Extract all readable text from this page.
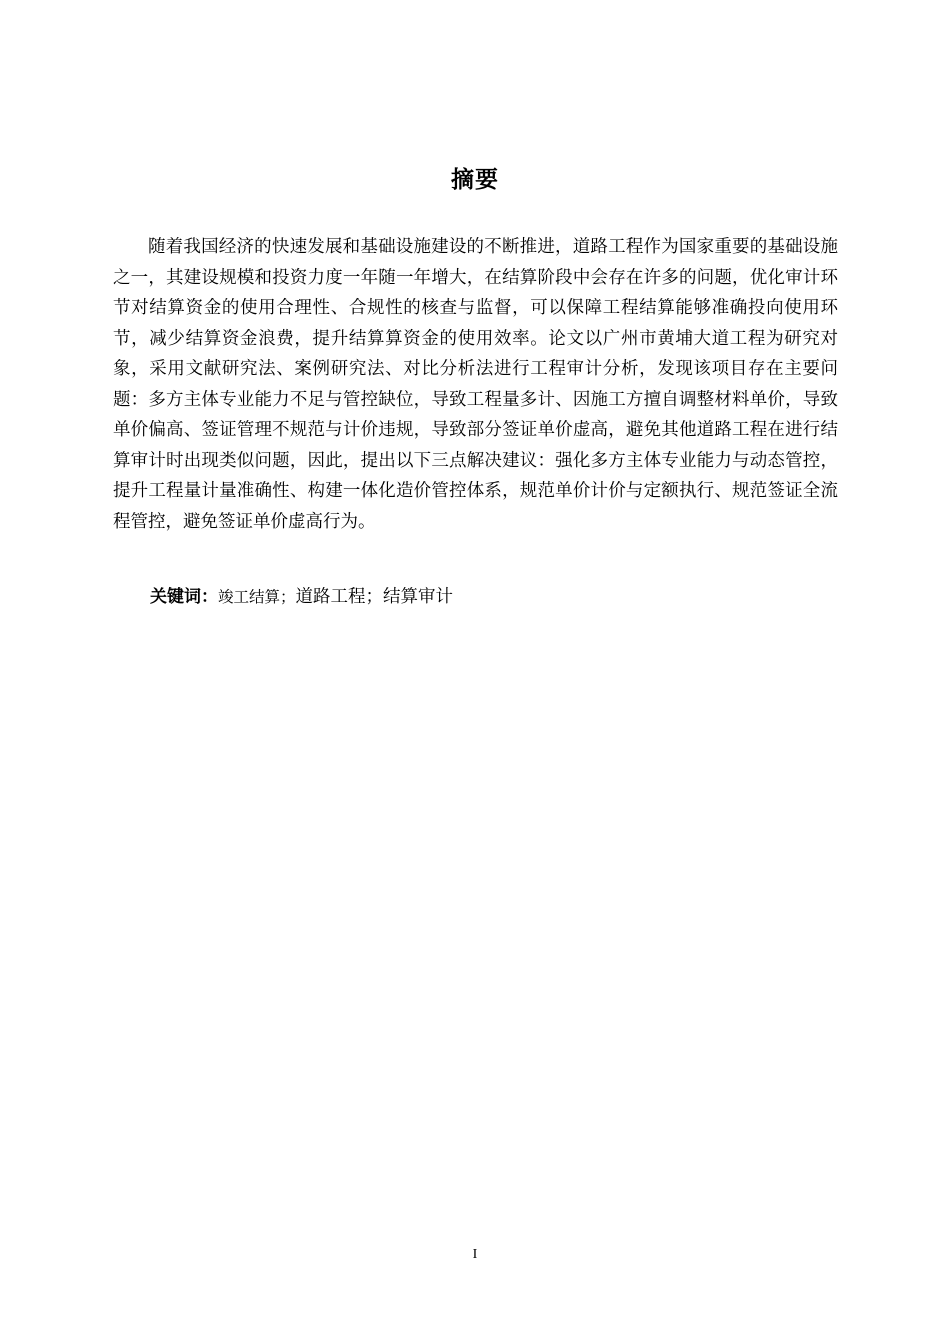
摘要

随着我国经济的快速发展和基础设施建设的不断推进，道路工程作为国家重要的基础设施之一，其建设规模和投资力度一年随一年增大，在结算阶段中会存在许多的问题，优化审计环节对结算资金的使用合理性、合规性的核查与监督，可以保障工程结算能够准确投向使用环节，减少结算资金浪费，提升结算算资金的使用效率。论文以广州市黄埔大道工程为研究对象，采用文献研究法、案例研究法、对比分析法进行工程审计分析，发现该项目存在主要问题：多方主体专业能力不足与管控缺位，导致工程量多计、因施工方擅自调整材料单价，导致单价偏高、签证管理不规范与计价违规，导致部分签证单价虚高，避免其他道路工程在进行结算审计时出现类似问题，因此，提出以下三点解决建议：强化多方主体专业能力与动态管控，提升工程量计量准确性、构建一体化造价管控体系，规范单价计价与定额执行、规范签证全流程管控，避免签证单价虚高行为。

关键词：竣工结算；道路工程；结算审计
I
